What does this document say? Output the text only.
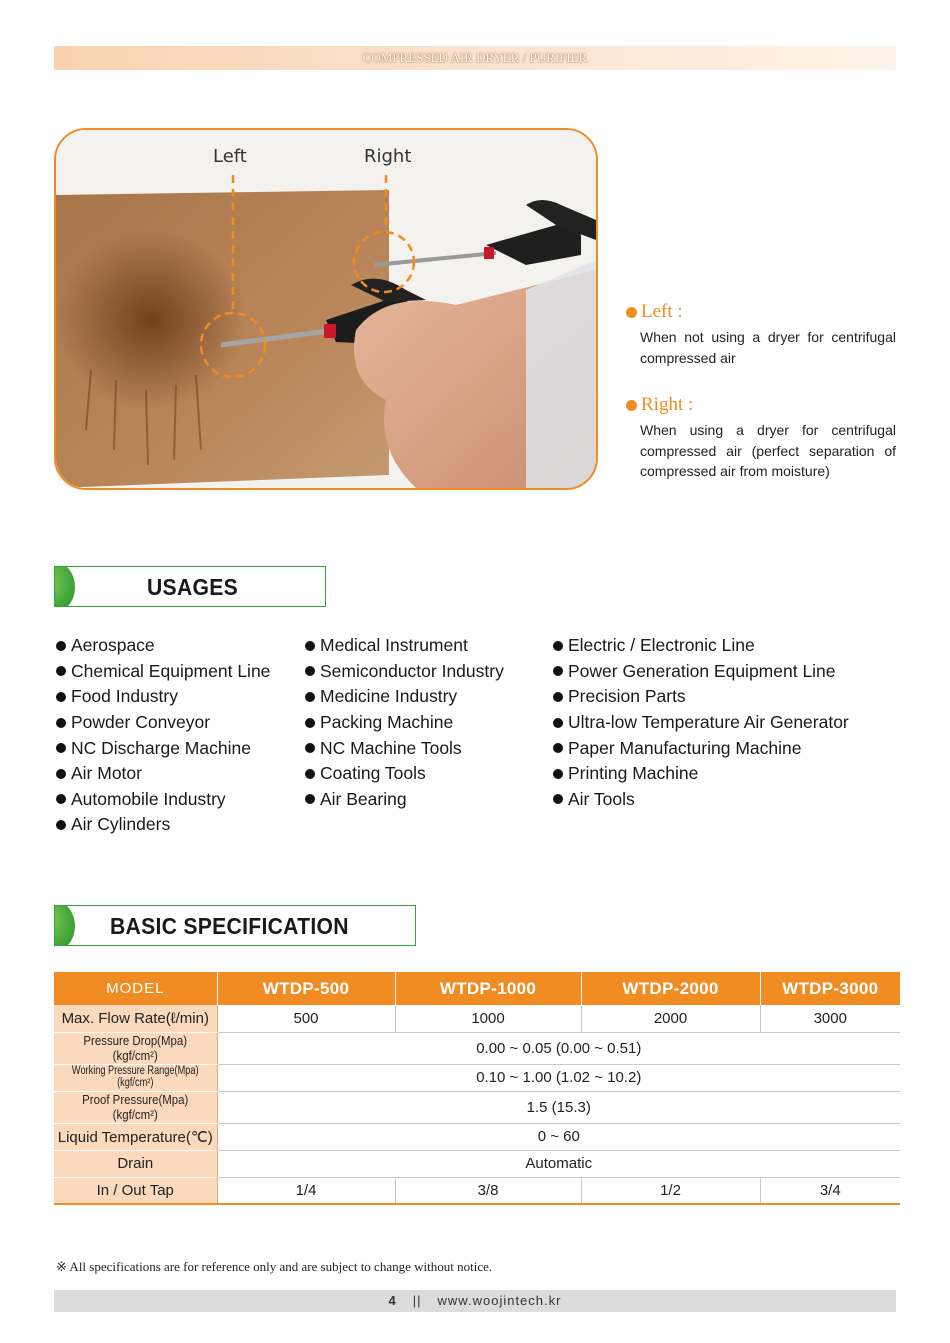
COMPRESSED AIR DRYER / PURIFIER
Left	Right
Left :
When not using a dryer for centrifugal compressed air
Right :
When using a dryer for centrifugal compressed air (perfect separation of compressed air from moisture)
USAGES
Aerospace
Chemical Equipment Line
Food Industry
Powder Conveyor
NC Discharge Machine
Air Motor
Automobile Industry
Air Cylinders
Medical Instrument
Semiconductor Industry
Medicine Industry
Packing Machine
NC Machine Tools
Coating Tools
Air Bearing
Electric / Electronic Line
Power Generation Equipment Line
Precision Parts
Ultra-low Temperature Air Generator
Paper Manufacturing Machine
Printing Machine
Air Tools
BASIC SPECIFICATION
MODEL	WTDP-500	WTDP-1000	WTDP-2000	WTDP-3000
Max. Flow Rate(ℓ/min)	500	1000	2000	3000
Pressure Drop(Mpa) (kgf/cm²)	0.00 ~ 0.05 (0.00 ~ 0.51)			
Working Pressure Range(Mpa) (kgf/cm²)	0.10 ~ 1.00 (1.02 ~ 10.2)			
Proof Pressure(Mpa) (kgf/cm²)	1.5 (15.3)			
Liquid Temperature(℃)	0 ~ 60			
Drain	Automatic			
In / Out Tap	1/4	3/8	1/2	3/4
※ All specifications are for reference only and are subject to change without notice.
4 || www.woojintech.kr
